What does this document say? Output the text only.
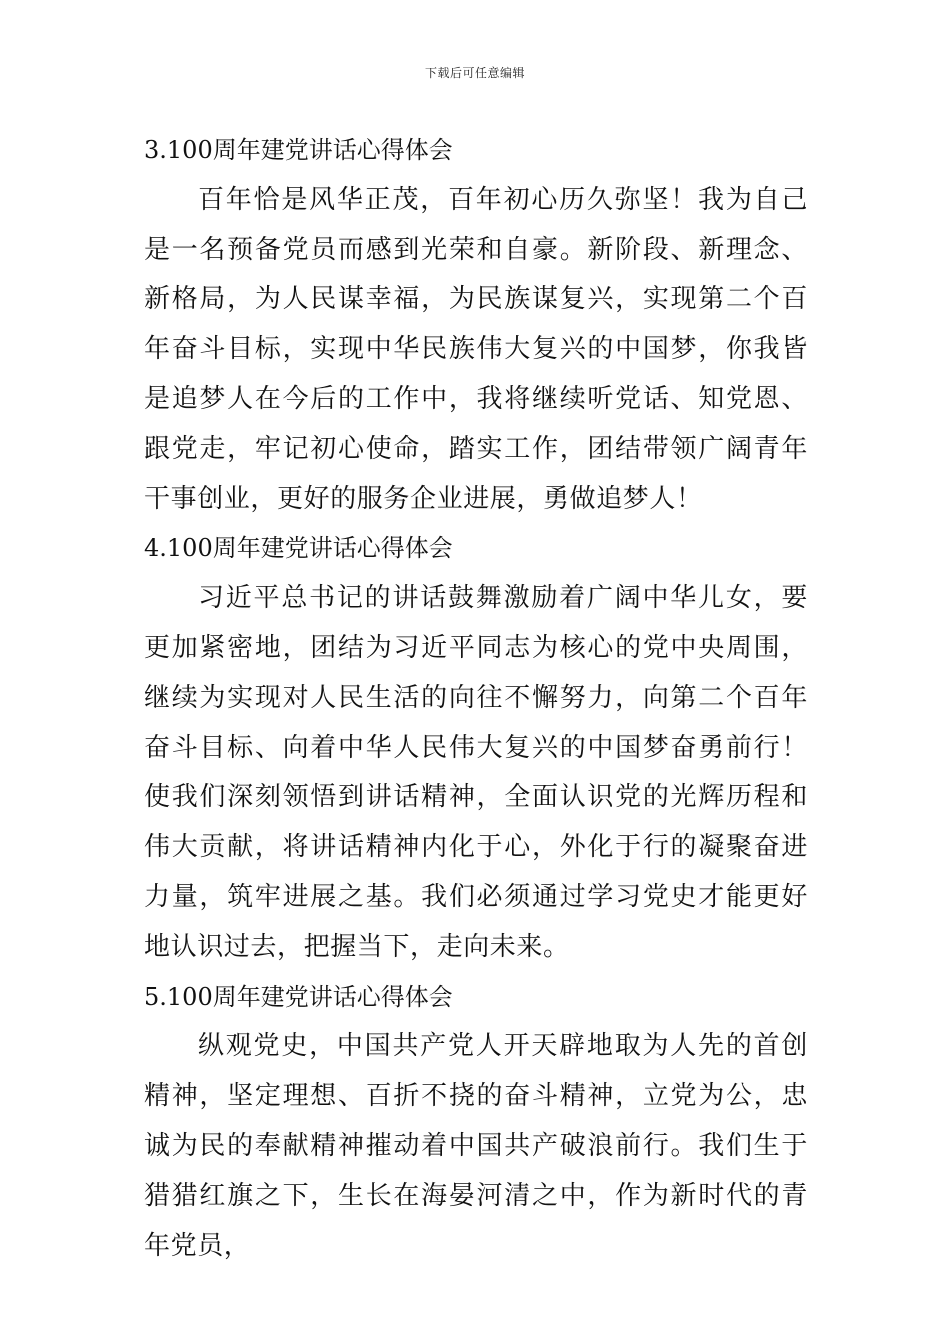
下载后可任意编辑
3.100周年建党讲话心得体会

百年恰是风华正茂，百年初心历久弥坚！我为自己是一名预备党员而感到光荣和自豪。新阶段、新理念、新格局，为人民谋幸福，为民族谋复兴，实现第二个百年奋斗目标，实现中华民族伟大复兴的中国梦，你我皆是追梦人在今后的工作中，我将继续听党话、知党恩、跟党走，牢记初心使命，踏实工作，团结带领广阔青年干事创业，更好的服务企业进展，勇做追梦人！

4.100周年建党讲话心得体会

习近平总书记的讲话鼓舞激励着广阔中华儿女，要更加紧密地，团结为习近平同志为核心的党中央周围，继续为实现对人民生活的向往不懈努力，向第二个百年奋斗目标、向着中华人民伟大复兴的中国梦奋勇前行！使我们深刻领悟到讲话精神，全面认识党的光辉历程和伟大贡献，将讲话精神内化于心，外化于行的凝聚奋进力量，筑牢进展之基。我们必须通过学习党史才能更好地认识过去，把握当下，走向未来。

5.100周年建党讲话心得体会

纵观党史，中国共产党人开天辟地取为人先的首创精神，坚定理想、百折不挠的奋斗精神，立党为公，忠诚为民的奉献精神摧动着中国共产破浪前行。我们生于猎猎红旗之下，生长在海晏河清之中，作为新时代的青年党员，
